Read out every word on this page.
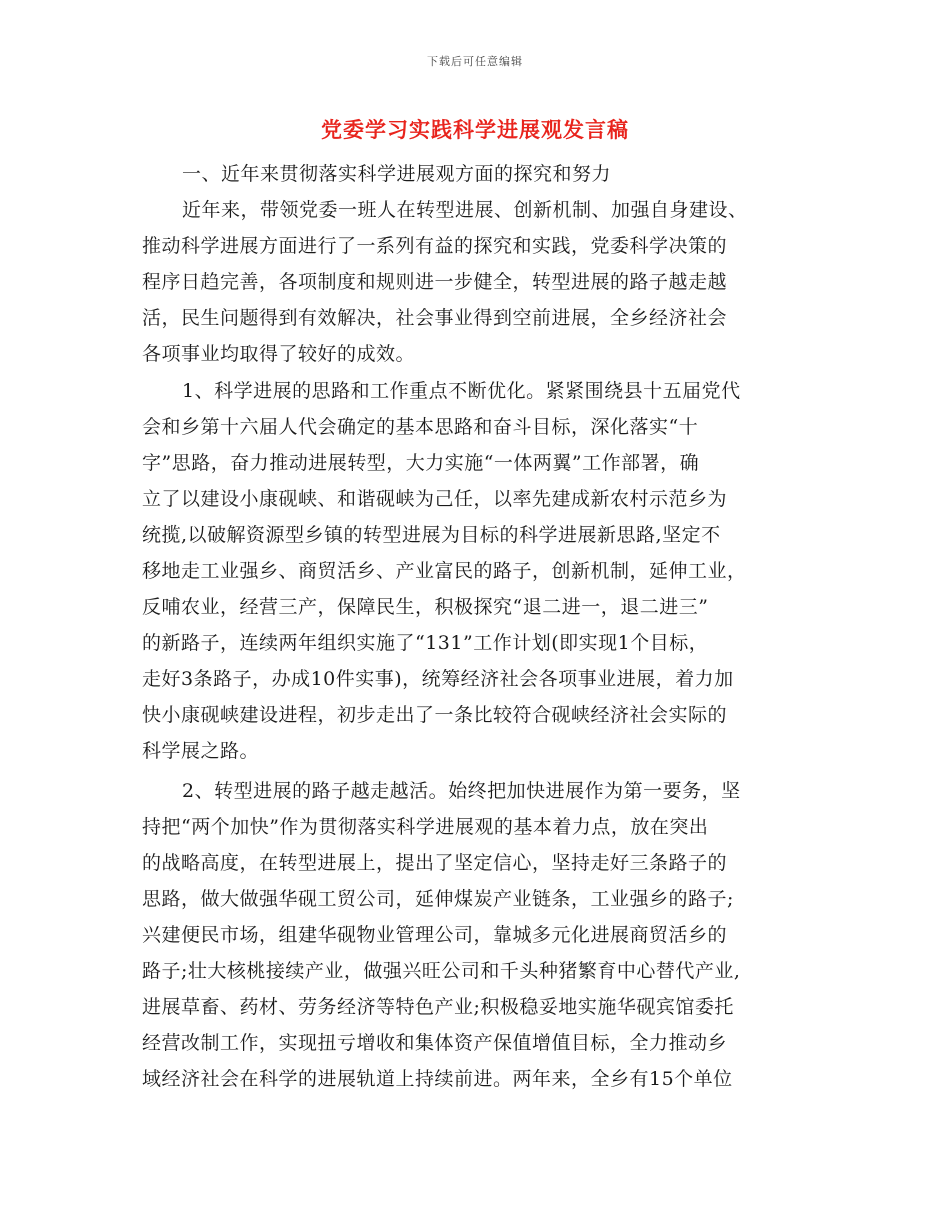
下载后可任意编辑
党委学习实践科学进展观发言稿
一、近年来贯彻落实科学进展观方面的探究和努力
近年来，带领党委一班人在转型进展、创新机制、加强自身建设、
推动科学进展方面进行了一系列有益的探究和实践，党委科学决策的
程序日趋完善，各项制度和规则进一步健全，转型进展的路子越走越
活，民生问题得到有效解决，社会事业得到空前进展，全乡经济社会
各项事业均取得了较好的成效。
1、科学进展的思路和工作重点不断优化。紧紧围绕县十五届党代
会和乡第十六届人代会确定的基本思路和奋斗目标，深化落实“十
字”思路，奋力推动进展转型，大力实施“一体两翼”工作部署，确
立了以建设小康砚峡、和谐砚峡为己任，以率先建成新农村示范乡为
统揽,以破解资源型乡镇的转型进展为目标的科学进展新思路,坚定不
移地走工业强乡、商贸活乡、产业富民的路子，创新机制，延伸工业，
反哺农业，经营三产，保障民生，积极探究“退二进一，退二进三”
的新路子，连续两年组织实施了“131”工作计划(即实现1个目标，
走好3条路子，办成10件实事)，统筹经济社会各项事业进展，着力加
快小康砚峡建设进程，初步走出了一条比较符合砚峡经济社会实际的
科学展之路。
2、转型进展的路子越走越活。始终把加快进展作为第一要务，坚
持把“两个加快”作为贯彻落实科学进展观的基本着力点，放在突出
的战略高度，在转型进展上，提出了坚定信心，坚持走好三条路子的
思路，做大做强华砚工贸公司，延伸煤炭产业链条，工业强乡的路子;
兴建便民市场，组建华砚物业管理公司，靠城多元化进展商贸活乡的
路子;壮大核桃接续产业，做强兴旺公司和千头种猪繁育中心替代产业,
进展草畜、药材、劳务经济等特色产业;积极稳妥地实施华砚宾馆委托
经营改制工作，实现扭亏增收和集体资产保值增值目标，全力推动乡
域经济社会在科学的进展轨道上持续前进。两年来，全乡有15个单位
